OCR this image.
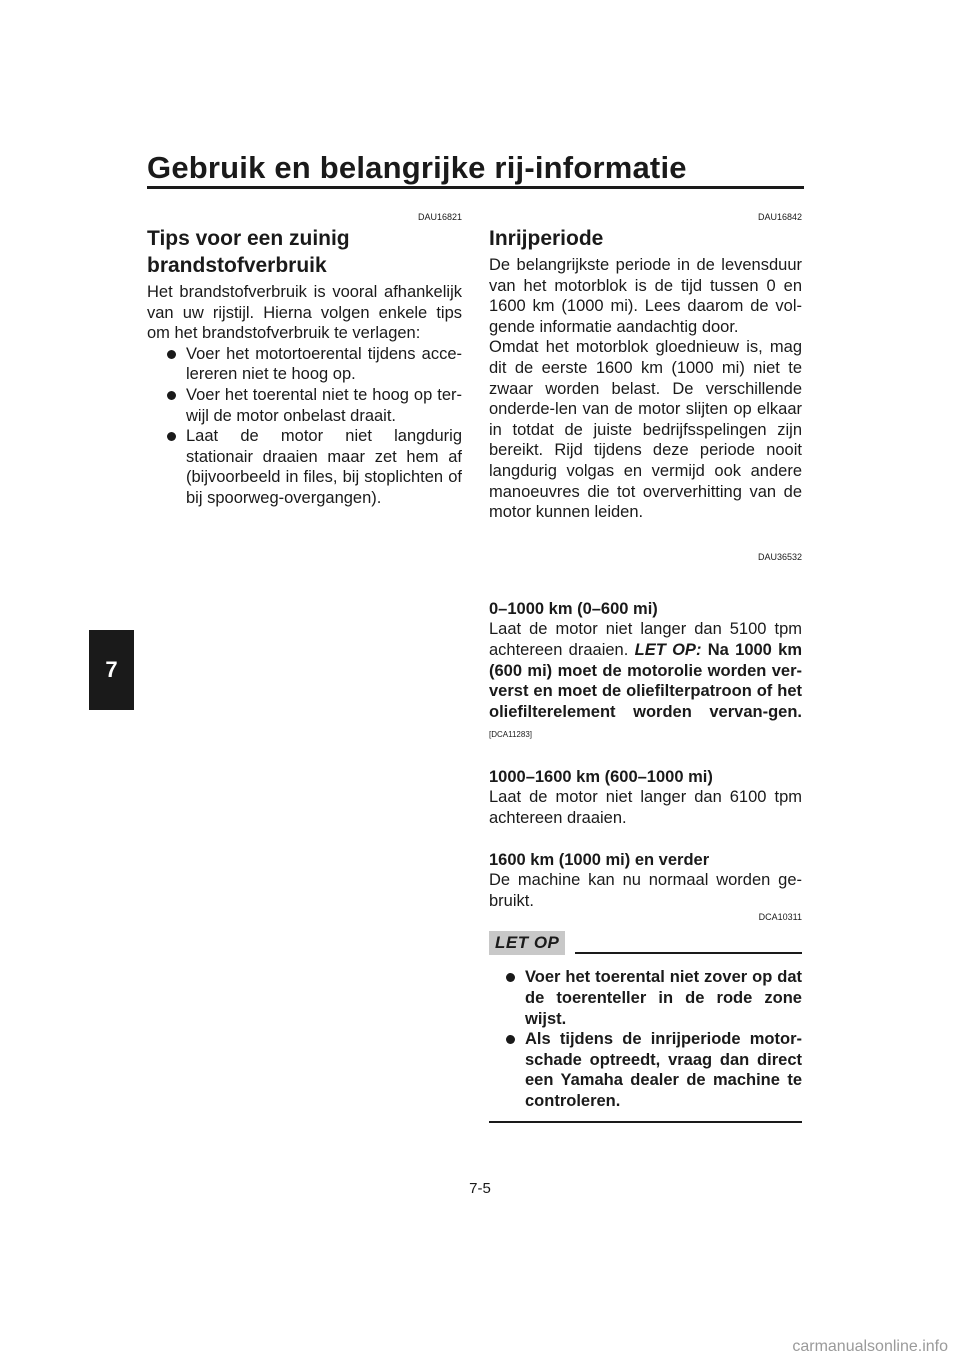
Gebruik en belangrijke rij-informatie
7

DAU16821

Tips voor een zuinig
brandstofverbruik

Het brandstofverbruik is vooral afhankelijk van uw rijstijl. Hierna volgen enkele tips om het brandstofverbruik te verlagen:

Voer het motortoerental tijdens acce-lereren niet te hoog op.
Voer het toerental niet te hoog op ter-wijl de motor onbelast draait.
Laat de motor niet langdurig stationair draaien maar zet hem af (bijvoorbeeld in files, bij stoplichten of bij spoorweg-overgangen).

DAU16842

Inrijperiode

De belangrijkste periode in de levensduur van het motorblok is de tijd tussen 0 en 1600 km (1000 mi). Lees daarom de vol-gende informatie aandachtig door.

Omdat het motorblok gloednieuw is, mag dit de eerste 1600 km (1000 mi) niet te zwaar worden belast. De verschillende onderde-len van de motor slijten op elkaar in totdat de juiste bedrijfsspelingen zijn bereikt. Rijd tijdens deze periode nooit langdurig volgas en vermijd ook andere manoeuvres die tot oververhitting van de motor kunnen leiden.

DAU36532

0–1000 km (0–600 mi)

Laat de motor niet langer dan 5100 tpm achtereen draaien. LET OP: Na 1000 km (600 mi) moet de motorolie worden ver-verst en moet de oliefilterpatroon of het oliefilterelement worden vervan-gen.[DCA11283]

1000–1600 km (600–1000 mi)

Laat de motor niet langer dan 6100 tpm achtereen draaien.

1600 km (1000 mi) en verder

De machine kan nu normaal worden ge-bruikt.

DCA10311

LET OP
Voer het toerental niet zover op dat de toerenteller in de rode zone wijst.
Als tijdens de inrijperiode motor-schade optreedt, vraag dan direct een Yamaha dealer de machine te controleren.
7-5
carmanualsonline.info
